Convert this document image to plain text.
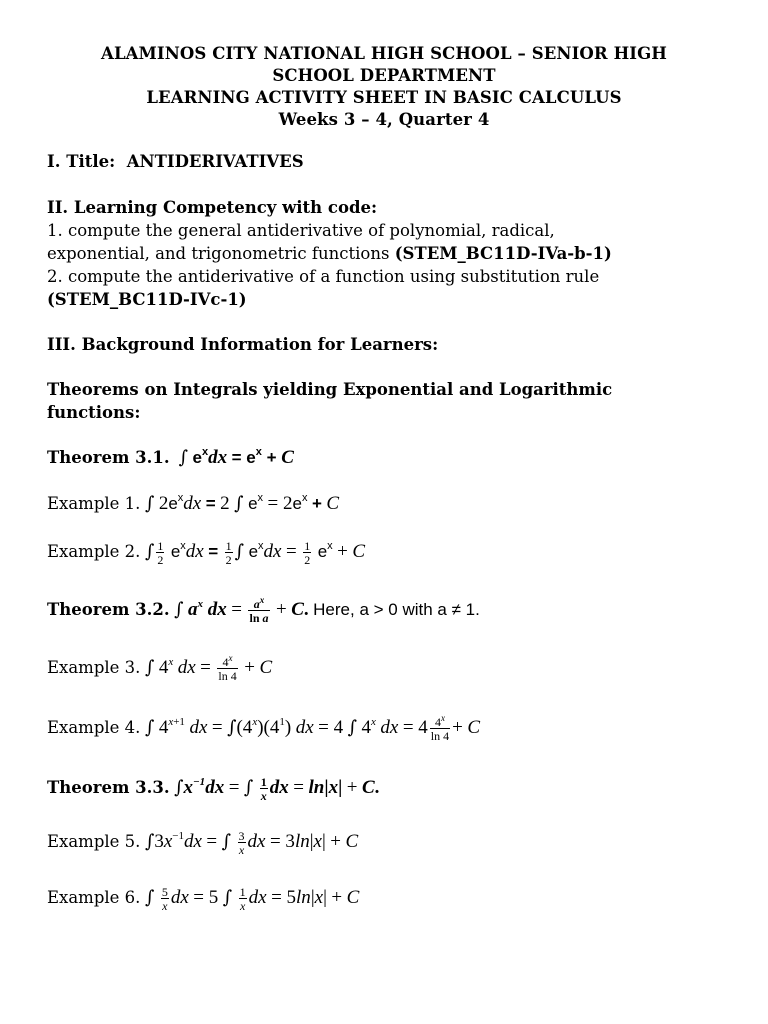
ALAMINOS CITY NATIONAL HIGH SCHOOL – SENIOR HIGH
SCHOOL DEPARTMENT
LEARNING ACTIVITY SHEET IN BASIC CALCULUS
Weeks 3 – 4, Quarter 4
I. Title: ANTIDERIVATIVES
II. Learning Competency with code:
1. compute the general antiderivative of polynomial, radical,
exponential, and trigonometric functions (STEM_BC11D-IVa-b-1)
2. compute the antiderivative of a function using substitution rule
(STEM_BC11D-IVc-1)
III. Background Information for Learners:
Theorems on Integrals yielding Exponential and Logarithmic
functions:
Theorem 3.1. ∫ $e^xdx = e^x + C$
Example 1. ∫ $2e^xdx = 2$ ∫ $e^x = 2e^x + C$
Example 2. ∫ $\frac{1}{2} e^xdx = \frac{1}{2}$ ∫ $e^xdx = \frac{1}{2} e^x + C$
Theorem 3.2. ∫ $a^x$ dx = $\frac{a^x}{\text{ln a}} + C$. Here, a > 0 with a ≠ 1.
Example 3. ∫ 4$^x$ dx = $\frac{4^x}{\ln 4} + C$
Example 4. ∫ $4^{x+1}$ dx = $\int(4^x)(4^1)$ dx = 4 ∫ 4$^x$ dx = $4 \frac{4^x}{\ln 4} + C$
Theorem 3.3. $\int x^{-1}dx$ = ∫ $\frac{1}{x}$ dx = ln|x| + C.
Example 5. $\int 3x^{-1}dx$ = ∫ $\frac{3}{x}$ dx = 3ln|x| + C
Example 6. ∫ $\frac{5}{x}$ dx = 5 ∫ $\frac{1}{x}$ dx = 5ln|x| + C
